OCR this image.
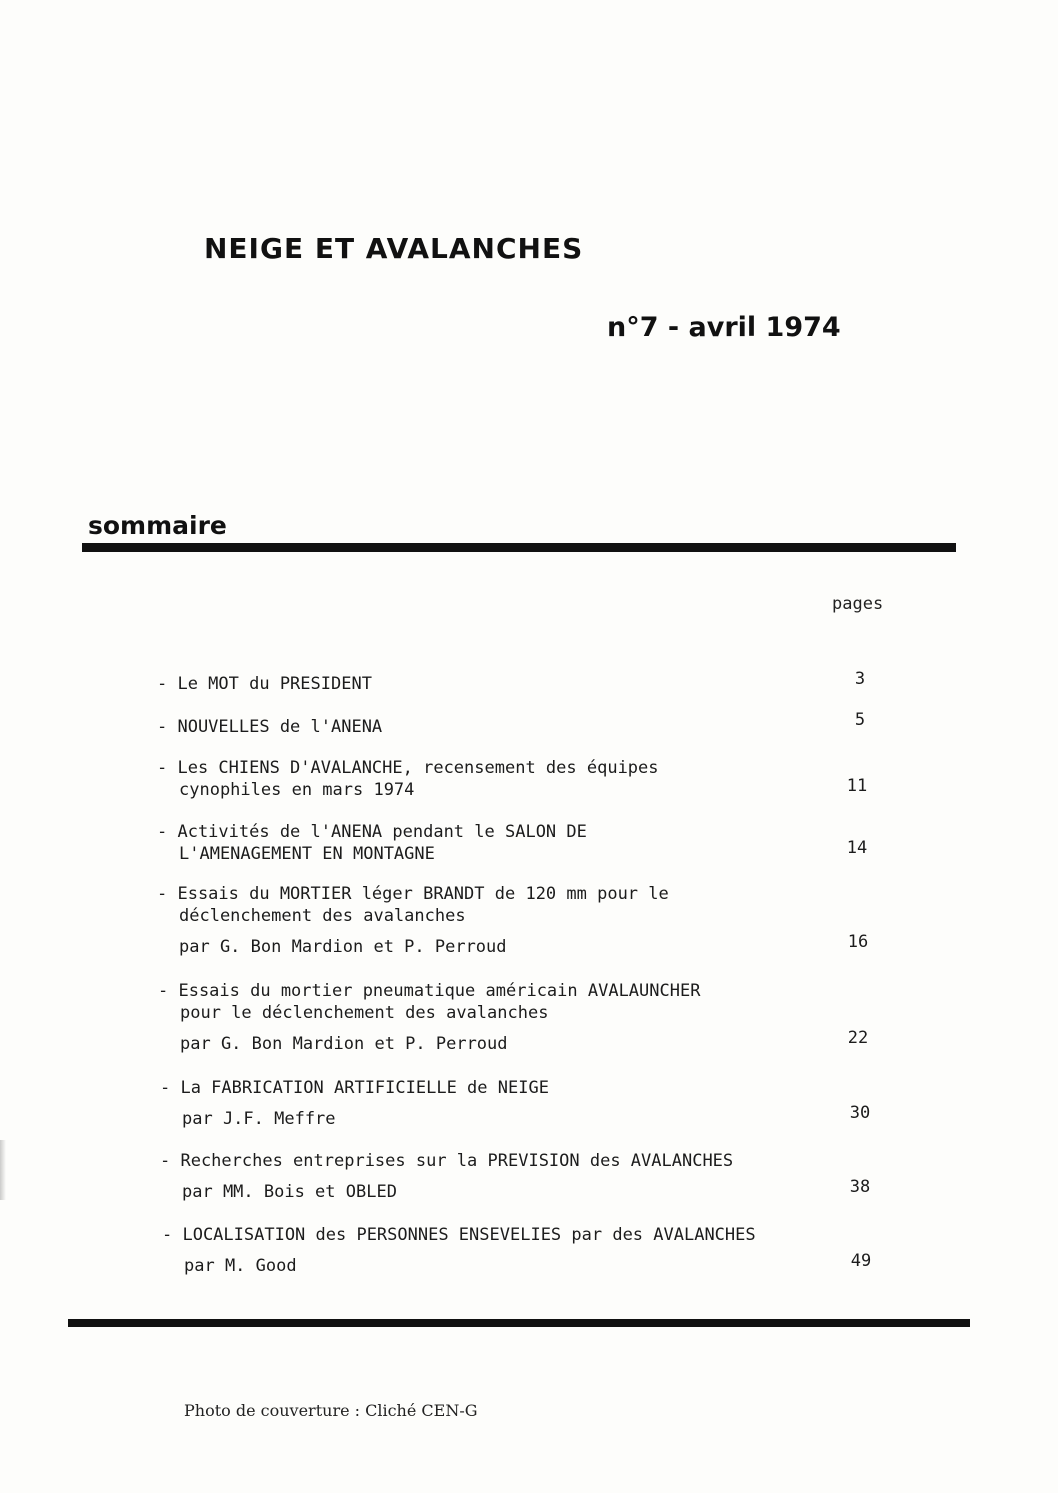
NEIGE ET AVALANCHES
n°7 - avril 1974
sommaire
pages
- Le MOT du PRESIDENT	3
- NOUVELLES de l'ANENA	5
- Les CHIENS D'AVALANCHE, recensement des équipes
cynophiles en mars 1974	11
- Activités de l'ANENA pendant le SALON DE
L'AMENAGEMENT EN MONTAGNE	14
- Essais du MORTIER léger BRANDT de 120 mm pour le
déclenchement des avalanches
par G. Bon Mardion et P. Perroud	16
- Essais du mortier pneumatique américain AVALAUNCHER
pour le déclenchement des avalanches
par G. Bon Mardion et P. Perroud	22
- La FABRICATION ARTIFICIELLE de NEIGE
par J.F. Meffre	30
- Recherches entreprises sur la PREVISION des AVALANCHES
par MM. Bois et OBLED	38
- LOCALISATION des PERSONNES ENSEVELIES par des AVALANCHES
par M. Good	49
Photo de couverture : Cliché CEN-G
